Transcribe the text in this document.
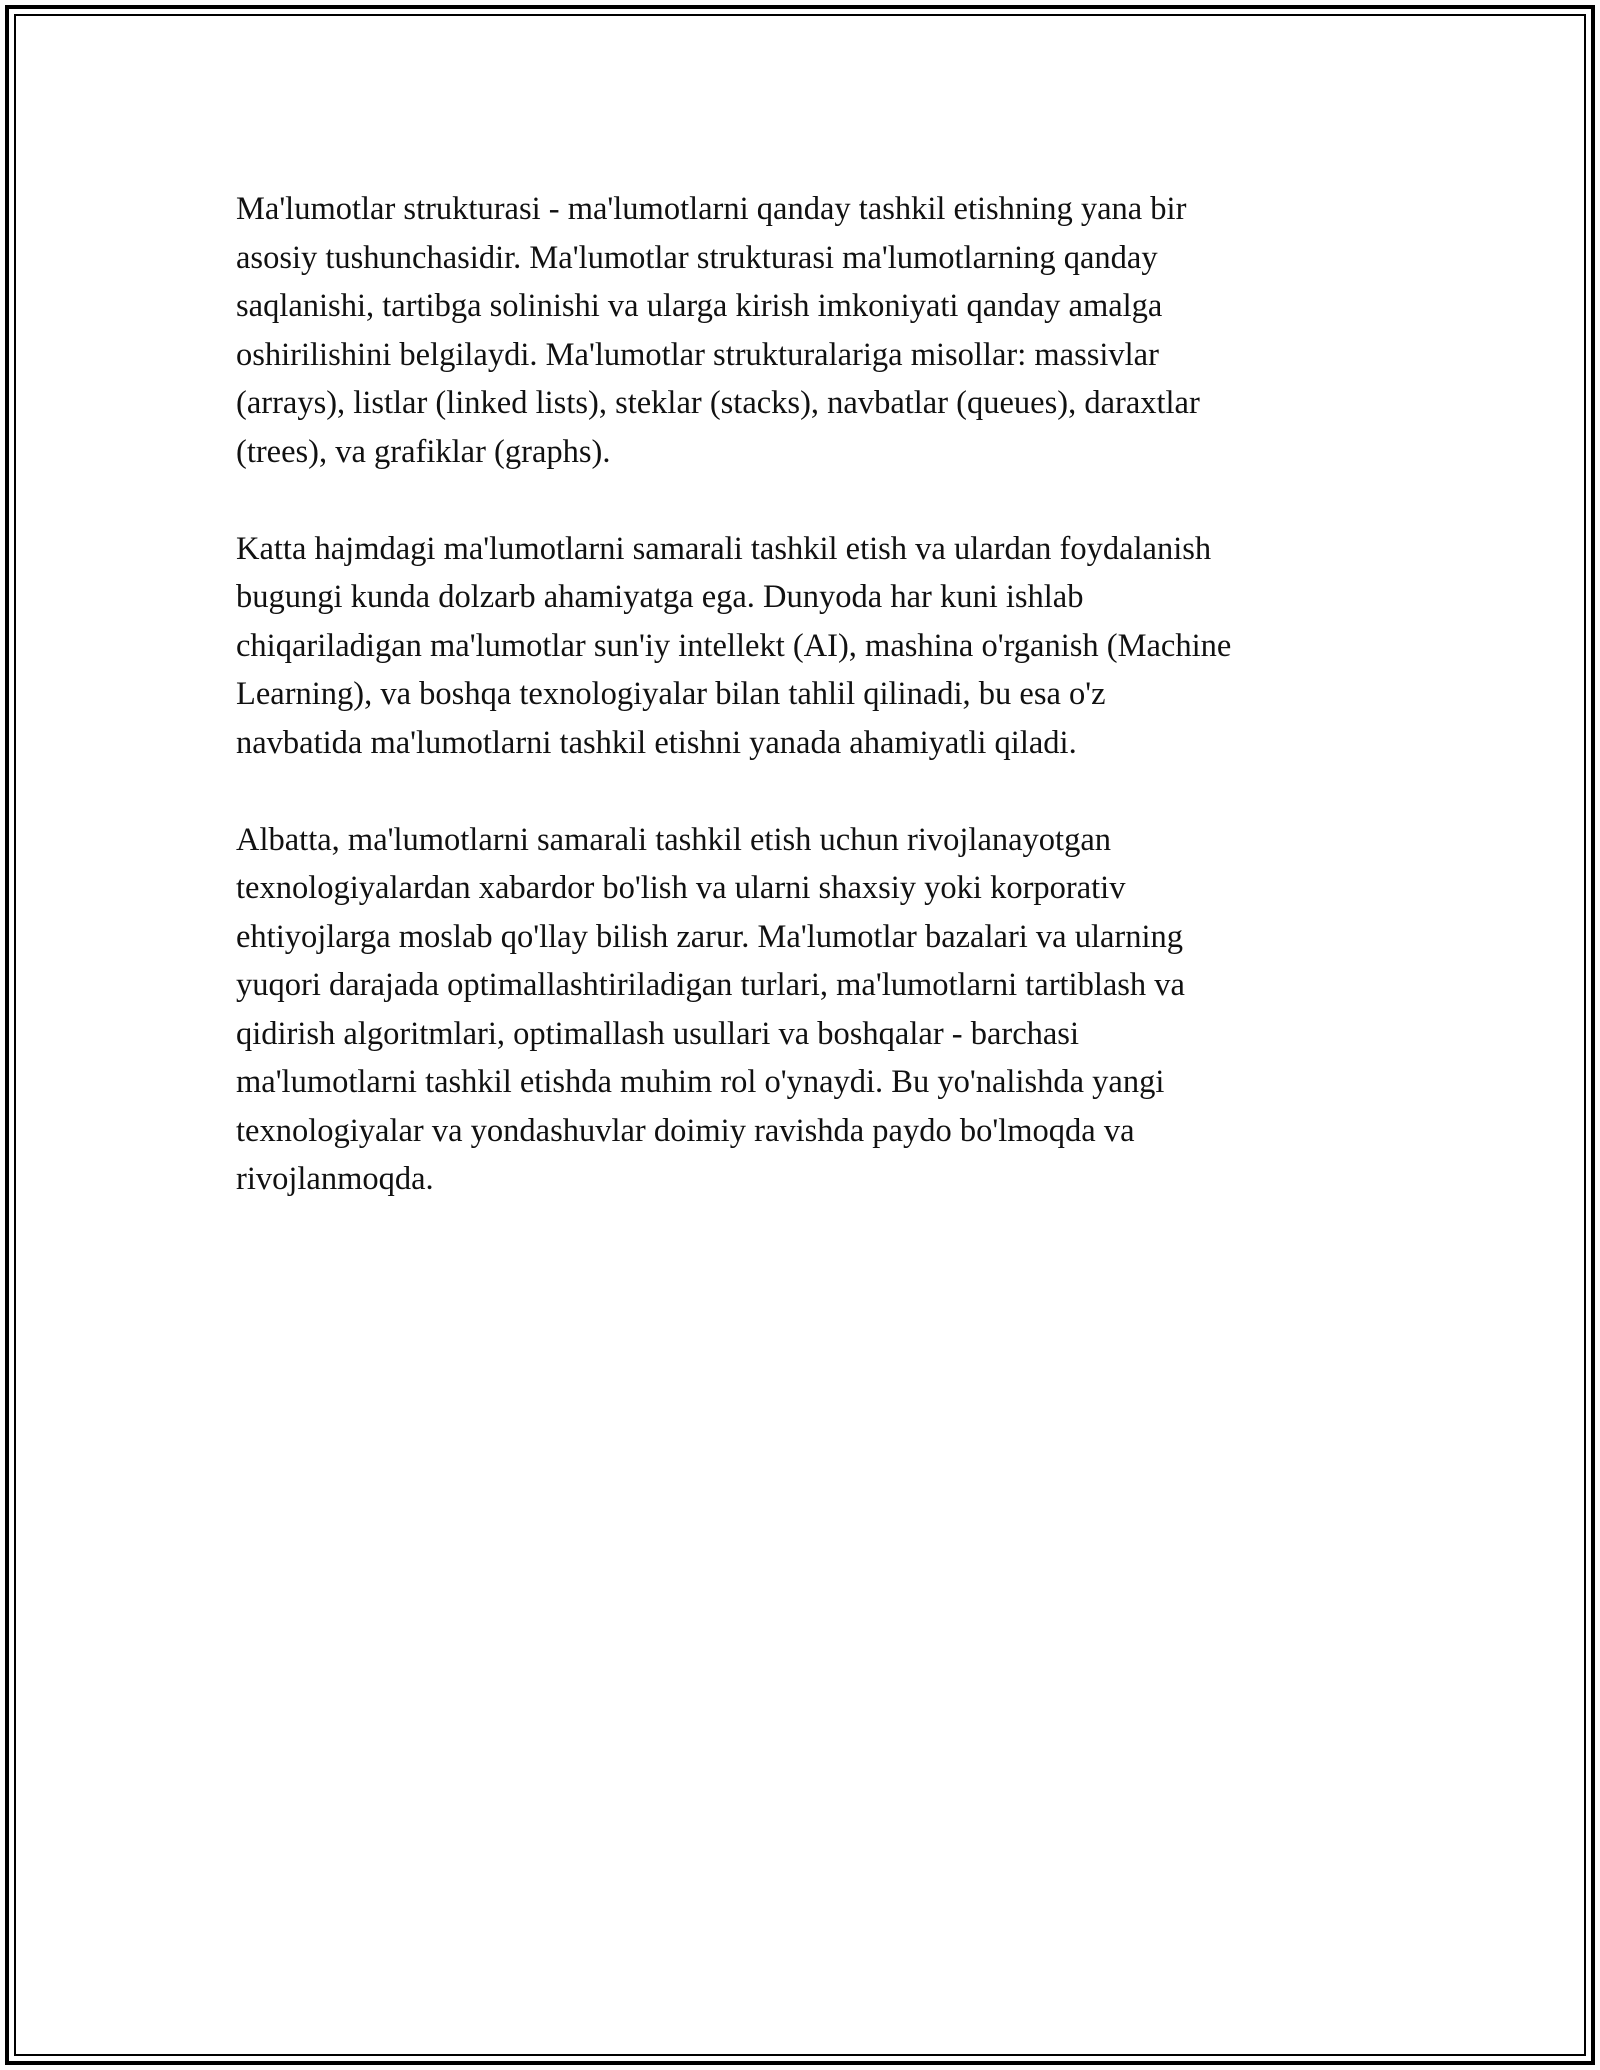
Ma'lumotlar strukturasi - ma'lumotlarni qanday tashkil etishning yana bir
asosiy tushunchasidir. Ma'lumotlar strukturasi ma'lumotlarning qanday
saqlanishi, tartibga solinishi va ularga kirish imkoniyati qanday amalga
oshirilishini belgilaydi. Ma'lumotlar strukturalariga misollar: massivlar
(arrays), listlar (linked lists), steklar (stacks), navbatlar (queues), daraxtlar
(trees), va grafiklar (graphs).

Katta hajmdagi ma'lumotlarni samarali tashkil etish va ulardan foydalanish
bugungi kunda dolzarb ahamiyatga ega. Dunyoda har kuni ishlab
chiqariladigan ma'lumotlar sun'iy intellekt (AI), mashina o'rganish (Machine
Learning), va boshqa texnologiyalar bilan tahlil qilinadi, bu esa o'z
navbatida ma'lumotlarni tashkil etishni yanada ahamiyatli qiladi.

Albatta, ma'lumotlarni samarali tashkil etish uchun rivojlanayotgan
texnologiyalardan xabardor bo'lish va ularni shaxsiy yoki korporativ
ehtiyojlarga moslab qo'llay bilish zarur. Ma'lumotlar bazalari va ularning
yuqori darajada optimallashtiriladigan turlari, ma'lumotlarni tartiblash va
qidirish algoritmlari, optimallash usullari va boshqalar - barchasi
ma'lumotlarni tashkil etishda muhim rol o'ynaydi. Bu yo'nalishda yangi
texnologiyalar va yondashuvlar doimiy ravishda paydo bo'lmoqda va
rivojlanmoqda.
